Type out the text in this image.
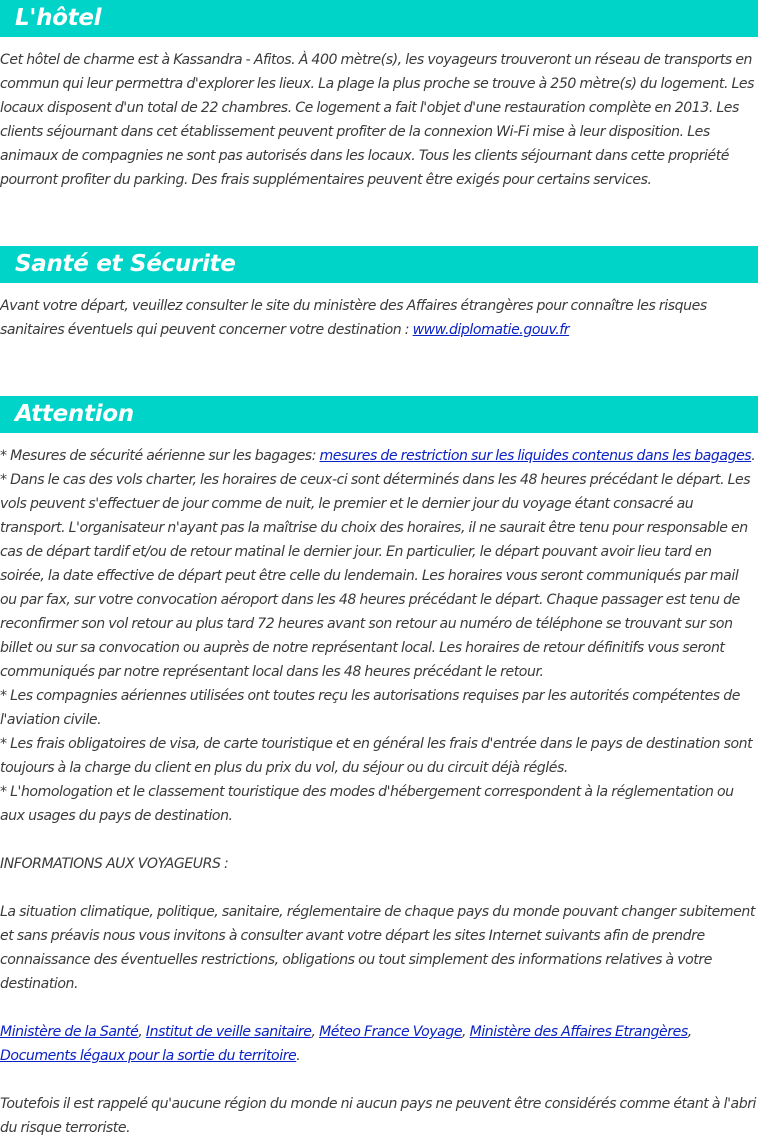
L'hôtel

Cet hôtel de charme est à Kassandra - Afitos. À 400 mètre(s), les voyageurs trouveront un réseau de transports en commun qui leur permettra d'explorer les lieux. La plage la plus proche se trouve à 250 mètre(s) du logement. Les locaux disposent d'un total de 22 chambres. Ce logement a fait l'objet d'une restauration complète en 2013. Les clients séjournant dans cet établissement peuvent profiter de la connexion Wi-Fi mise à leur disposition. Les animaux de compagnies ne sont pas autorisés dans les locaux. Tous les clients séjournant dans cette propriété pourront profiter du parking. Des frais supplémentaires peuvent être exigés pour certains services.

Santé et Sécurite

Avant votre départ, veuillez consulter le site du ministère des Affaires étrangères pour connaître les risques sanitaires éventuels qui peuvent concerner votre destination : www.diplomatie.gouv.fr

Attention

* Mesures de sécurité aérienne sur les bagages: mesures de restriction sur les liquides contenus dans les bagages.

* Dans le cas des vols charter, les horaires de ceux-ci sont déterminés dans les 48 heures précédant le départ. Les vols peuvent s'effectuer de jour comme de nuit, le premier et le dernier jour du voyage étant consacré au transport. L'organisateur n'ayant pas la maîtrise du choix des horaires, il ne saurait être tenu pour responsable en cas de départ tardif et/ou de retour matinal le dernier jour. En particulier, le départ pouvant avoir lieu tard en soirée, la date effective de départ peut être celle du lendemain. Les horaires vous seront communiqués par mail ou par fax, sur votre convocation aéroport dans les 48 heures précédant le départ. Chaque passager est tenu de reconfirmer son vol retour au plus tard 72 heures avant son retour au numéro de téléphone se trouvant sur son billet ou sur sa convocation ou auprès de notre représentant local. Les horaires de retour définitifs vous seront communiqués par notre représentant local dans les 48 heures précédant le retour.

* Les compagnies aériennes utilisées ont toutes reçu les autorisations requises par les autorités compétentes de l'aviation civile.

* Les frais obligatoires de visa, de carte touristique et en général les frais d'entrée dans le pays de destination sont toujours à la charge du client en plus du prix du vol, du séjour ou du circuit déjà réglés.

* L'homologation et le classement touristique des modes d'hébergement correspondent à la réglementation ou aux usages du pays de destination.

INFORMATIONS AUX VOYAGEURS :

La situation climatique, politique, sanitaire, réglementaire de chaque pays du monde pouvant changer subitement et sans préavis nous vous invitons à consulter avant votre départ les sites Internet suivants afin de prendre connaissance des éventuelles restrictions, obligations ou tout simplement des informations relatives à votre destination.

Ministère de la Santé, Institut de veille sanitaire, Méteo France Voyage, Ministère des Affaires Etrangères, Documents légaux pour la sortie du territoire.

Toutefois il est rappelé qu'aucune région du monde ni aucun pays ne peuvent être considérés comme étant à l'abri du risque terroriste.
